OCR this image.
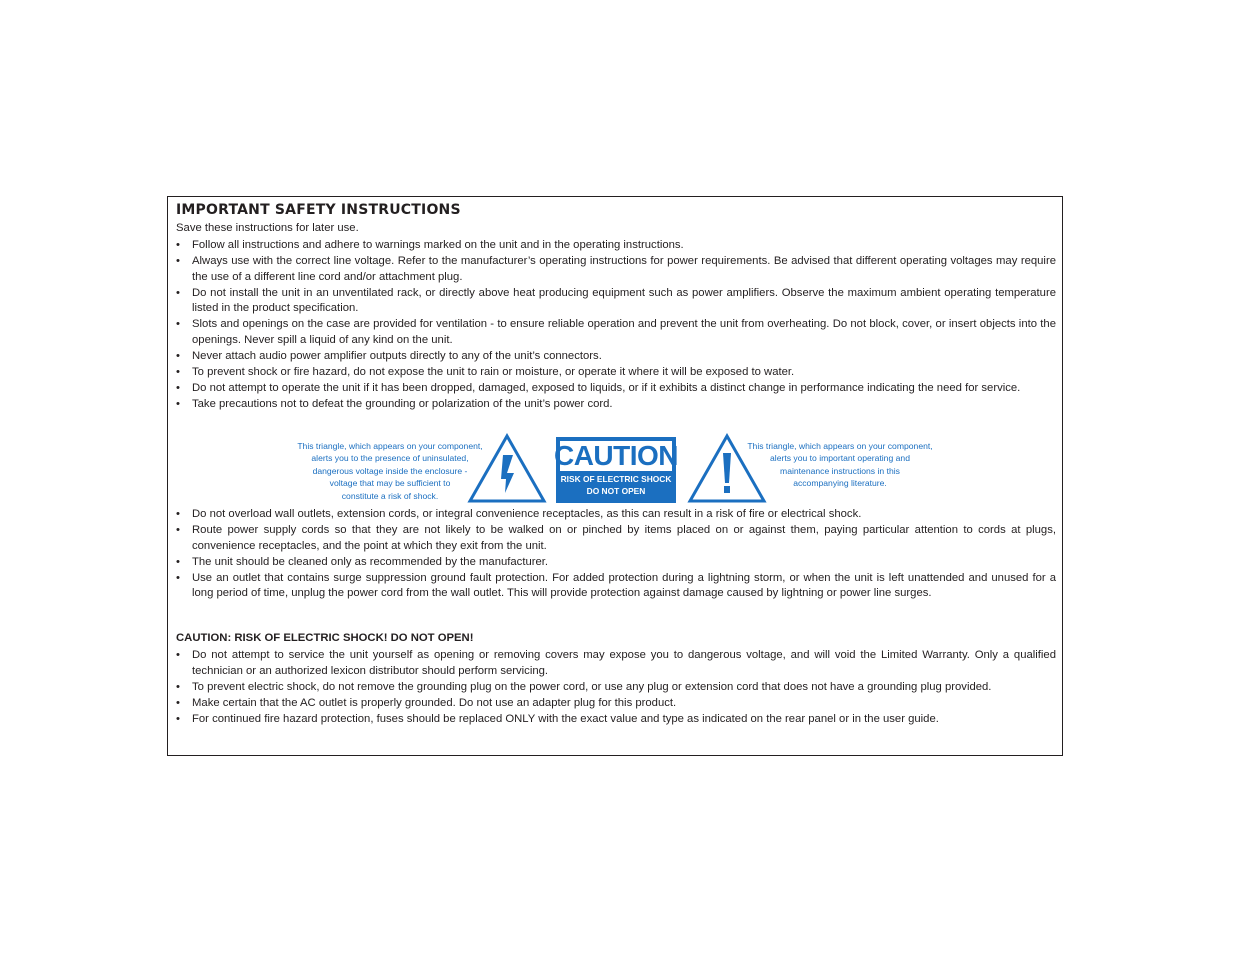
IMPORTANT SAFETY INSTRUCTIONS
Save these instructions for later use.
• Follow all instructions and adhere to warnings marked on the unit and in the operating instructions.
• Always use with the correct line voltage. Refer to the manufacturer’s operating instructions for power requirements. Be advised that different operating voltages may require the use of a different line cord and/or attachment plug.
• Do not install the unit in an unventilated rack, or directly above heat producing equipment such as power amplifiers. Observe the maximum ambient operating temperature listed in the product specification.
• Slots and openings on the case are provided for ventilation - to ensure reliable operation and prevent the unit from overheating. Do not block, cover, or insert objects into the openings. Never spill a liquid of any kind on the unit.
• Never attach audio power amplifier outputs directly to any of the unit’s connectors.
• To prevent shock or fire hazard, do not expose the unit to rain or moisture, or operate it where it will be exposed to water.
• Do not attempt to operate the unit if it has been dropped, damaged, exposed to liquids, or if it exhibits a distinct change in performance indicating the need for service.
• Take precautions not to defeat the grounding or polarization of the unit’s power cord.
This triangle, which appears on your component,
alerts you to the presence of uninsulated,
dangerous voltage inside the enclosure -
voltage that may be sufficient to
constitute a risk of shock.
CAUTION
RISK OF ELECTRIC SHOCK
DO NOT OPEN
This triangle, which appears on your component,
alerts you to important operating and
maintenance instructions in this
accompanying literature.
• Do not overload wall outlets, extension cords, or integral convenience receptacles, as this can result in a risk of fire or electrical shock.
• Route power supply cords so that they are not likely to be walked on or pinched by items placed on or against them, paying particular attention to cords at plugs, convenience receptacles, and the point at which they exit from the unit.
• The unit should be cleaned only as recommended by the manufacturer.
• Use an outlet that contains surge suppression ground fault protection. For added protection during a lightning storm, or when the unit is left unattended and unused for a long period of time, unplug the power cord from the wall outlet. This will provide protection against damage caused by lightning or power line surges.
CAUTION: RISK OF ELECTRIC SHOCK! DO NOT OPEN!
• Do not attempt to service the unit yourself as opening or removing covers may expose you to dangerous voltage, and will void the Limited Warranty. Only a qualified technician or an authorized lexicon distributor should perform servicing.
• To prevent electric shock, do not remove the grounding plug on the power cord, or use any plug or extension cord that does not have a grounding plug provided.
• Make certain that the AC outlet is properly grounded. Do not use an adapter plug for this product.
• For continued fire hazard protection, fuses should be replaced ONLY with the exact value and type as indicated on the rear panel or in the user guide.
